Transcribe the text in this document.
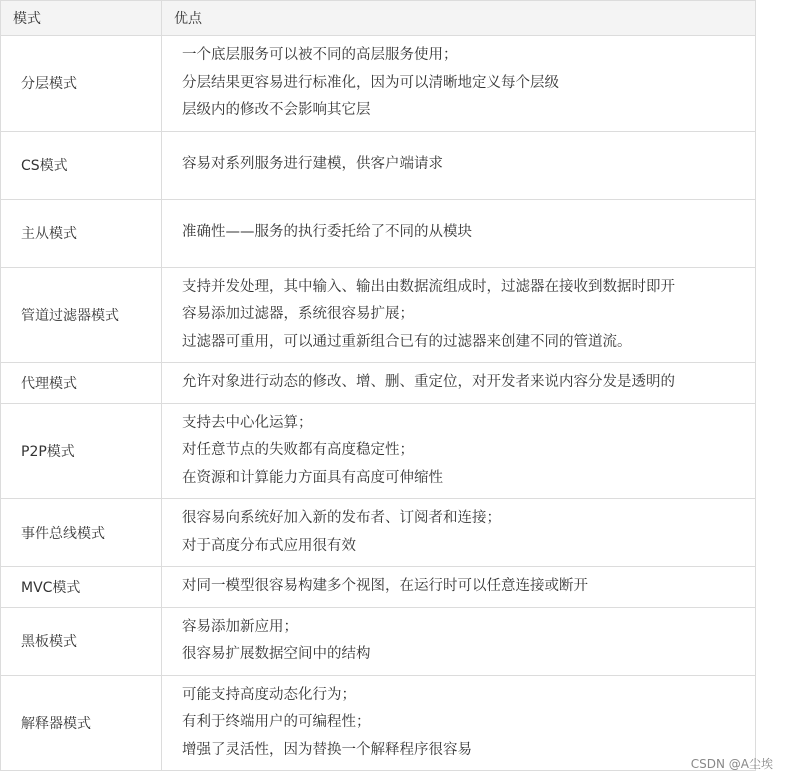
模式	优点
分层模式	一个底层服务可以被不同的高层服务使用；
分层结果更容易进行标准化，因为可以清晰地定义每个层级
层级内的修改不会影响其它层

CS模式	容易对系列服务进行建模，供客户端请求

主从模式	准确性——服务的执行委托给了不同的从模块

管道过滤器模式	支持并发处理，其中输入、输出由数据流组成时，过滤器在接收到数据时即开
容易添加过滤器，系统很容易扩展；
过滤器可重用，可以通过重新组合已有的过滤器来创建不同的管道流。

代理模式	允许对象进行动态的修改、增、删、重定位，对开发者来说内容分发是透明的

P2P模式	支持去中心化运算；
对任意节点的失败都有高度稳定性；
在资源和计算能力方面具有高度可伸缩性

事件总线模式	很容易向系统好加入新的发布者、订阅者和连接；
对于高度分布式应用很有效

MVC模式	对同一模型很容易构建多个视图，在运行时可以任意连接或断开

黑板模式	容易添加新应用；
很容易扩展数据空间中的结构

解释器模式	可能支持高度动态化行为；
有利于终端用户的可编程性；
增强了灵活性，因为替换一个解释程序很容易
CSDN @A尘埃
